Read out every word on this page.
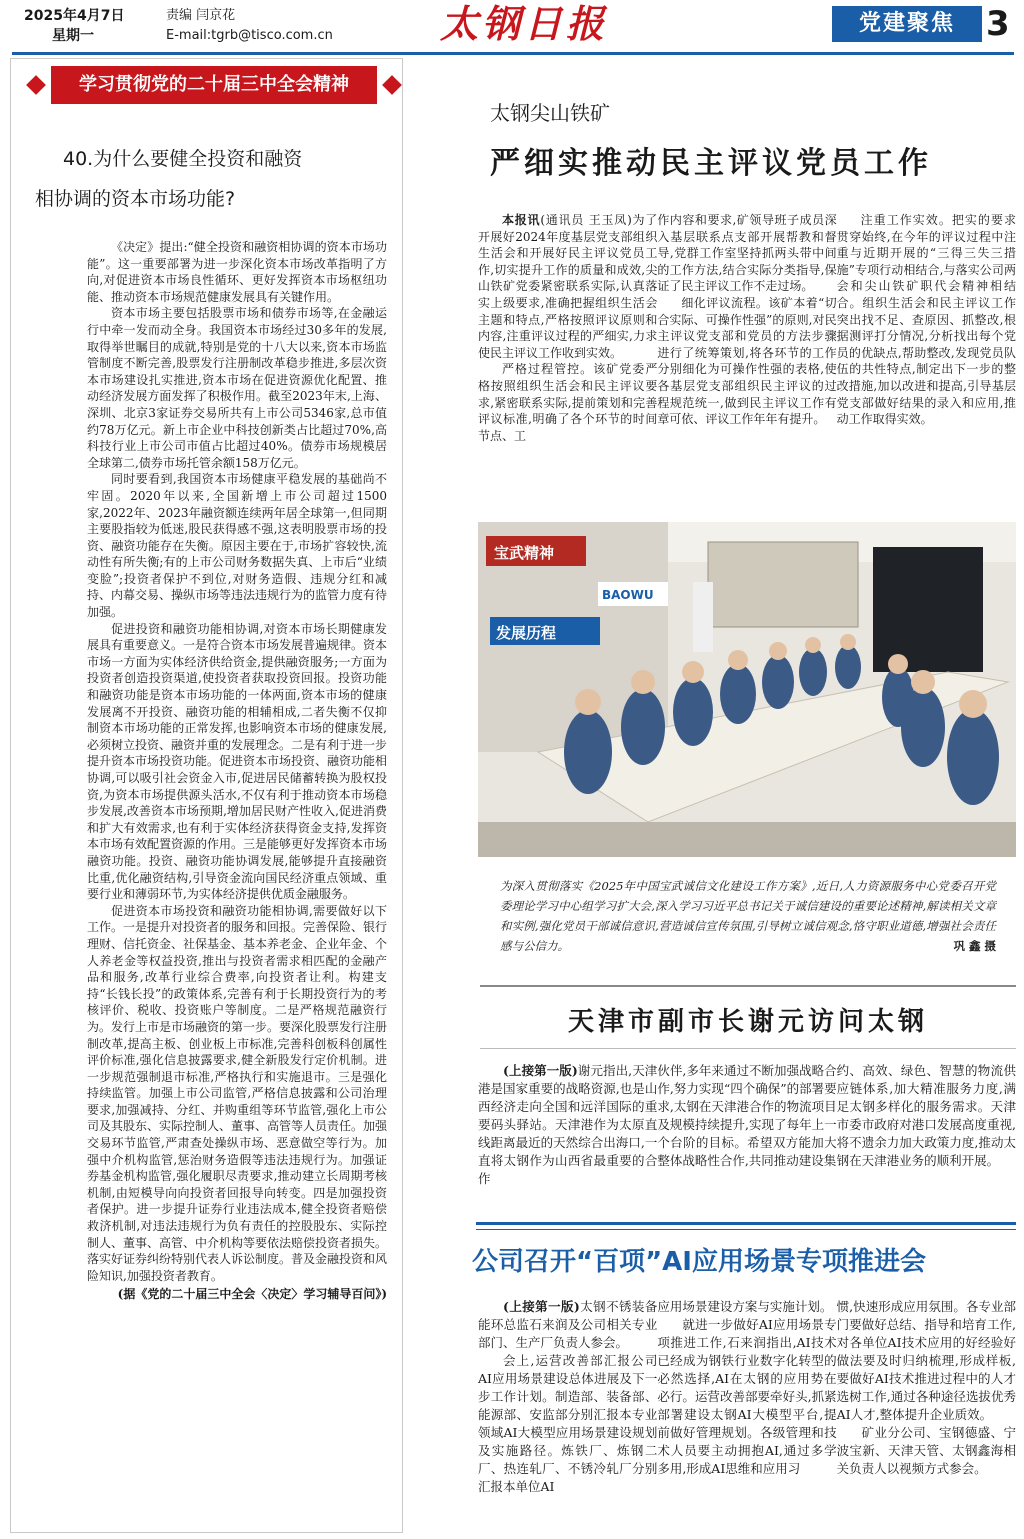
2025年4月7日
星期一
责编 闫京花
E-mail:tgrb@tisco.com.cn	太钢日报	党建聚焦 3
学习贯彻党的二十届三中全会精神
40.为什么要健全投资和融资
相协调的资本市场功能?

《决定》提出:“健全投资和融资相协调的资本市场功能”。这一重要部署为进一步深化资本市场改革指明了方向,对促进资本市场良性循环、更好发挥资本市场枢纽功能、推动资本市场规范健康发展具有关键作用。

资本市场主要包括股票市场和债券市场等,在金融运行中牵一发而动全身。我国资本市场经过30多年的发展,取得举世瞩目的成就,特别是党的十八大以来,资本市场监管制度不断完善,股票发行注册制改革稳步推进,多层次资本市场建设扎实推进,资本市场在促进资源优化配置、推动经济发展方面发挥了积极作用。截至2023年末,上海、深圳、北京3家证券交易所共有上市公司5346家,总市值约78万亿元。新上市企业中科技创新类占比超过70%,高科技行业上市公司市值占比超过40%。债券市场规模居全球第二,债券市场托管余额158万亿元。

同时要看到,我国资本市场健康平稳发展的基础尚不牢固。2020年以来,全国新增上市公司超过1500家,2022年、2023年融资额连续两年居全球第一,但同期主要股指较为低迷,股民获得感不强,这表明股票市场的投资、融资功能存在失衡。原因主要在于,市场扩容较快,流动性有所失衡;有的上市公司财务数据失真、上市后“业绩变脸”;投资者保护不到位,对财务造假、违规分红和减持、内幕交易、操纵市场等违法违规行为的监管力度有待加强。

促进投资和融资功能相协调,对资本市场长期健康发展具有重要意义。一是符合资本市场发展普遍规律。资本市场一方面为实体经济供给资金,提供融资服务;一方面为投资者创造投资渠道,使投资者获取投资回报。投资功能和融资功能是资本市场功能的一体两面,资本市场的健康发展离不开投资、融资功能的相辅相成,二者失衡不仅抑制资本市场功能的正常发挥,也影响资本市场的健康发展,必须树立投资、融资并重的发展理念。二是有利于进一步提升资本市场投资功能。促进资本市场投资、融资功能相协调,可以吸引社会资金入市,促进居民储蓄转换为股权投资,为资本市场提供源头活水,不仅有利于推动资本市场稳步发展,改善资本市场预期,增加居民财产性收入,促进消费和扩大有效需求,也有利于实体经济获得资金支持,发挥资本市场有效配置资源的作用。三是能够更好发挥资本市场融资功能。投资、融资功能协调发展,能够提升直接融资比重,优化融资结构,引导资金流向国民经济重点领域、重要行业和薄弱环节,为实体经济提供优质金融服务。

促进资本市场投资和融资功能相协调,需要做好以下工作。一是提升对投资者的服务和回报。完善保险、银行理财、信托资金、社保基金、基本养老金、企业年金、个人养老金等权益投资,推出与投资者需求相匹配的金融产品和服务,改革行业综合费率,向投资者让利。构建支持“长钱长投”的政策体系,完善有利于长期投资行为的考核评价、税收、投资账户等制度。二是严格规范融资行为。发行上市是市场融资的第一步。要深化股票发行注册制改革,提高主板、创业板上市标准,完善科创板科创属性评价标准,强化信息披露要求,健全新股发行定价机制。进一步规范强制退市标准,严格执行和实施退市。三是强化持续监管。加强上市公司监管,严格信息披露和公司治理要求,加强减持、分红、并购重组等环节监管,强化上市公司及其股东、实际控制人、董事、高管等人员责任。加强交易环节监管,严肃查处操纵市场、恶意做空等行为。加强中介机构监管,惩治财务造假等违法违规行为。加强证券基金机构监管,强化履职尽责要求,推动建立长周期考核机制,由短模导向向投资者回报导向转变。四是加强投资者保护。进一步提升证券行业违法成本,健全投资者赔偿救济机制,对违法违规行为负有责任的控股股东、实际控制人、董事、高管、中介机构等要依法赔偿投资者损失。落实好证券纠纷特别代表人诉讼制度。普及金融投资和风险知识,加强投资者教育。

(据《党的二十届三中全会〈决定〉学习辅导百问》)

太钢尖山铁矿
严细实推动民主评议党员工作

本报讯(通讯员 王玉凤)为了开展好2024年度基层党支部组织生活会和开展好民主评议党员工作,切实提升工作的质量和成效,尖山铁矿党委紧密联系实际,认真落实上级要求,准确把握组织生活会主题和特点,严格按照评议原则和内容,注重评议过程的严细实,力求使民主评议工作收到实效。

严格过程管控。该矿党委严格按照组织生活会和民主评议要求,紧密联系实际,提前策划和完善评议标准,明确了各个环节的时间节点、工

作内容和要求,矿领导班子成员深入基层联系点支部开展帮教和督导,党群工作室坚持抓两头带中间的工作方法,结合实际分类指导,保证了民主评议工作不走过场。

细化评议流程。该矿本着“切合实际、可操作性强”的原则,对民主评议党支部和党员的方法步骤进行了统筹策划,将各环节的工作分别细化为可操作性强的表格,使各基层党支部组织民主评议的过程规范统一,做到民主评议工作有章可依、评议工作年年有提升。

注重工作实效。把实的要求贯穿始终,在今年的评议过程中注重与近期开展的“三得三失三措施”专项行动相结合,与落实公司两会和尖山铁矿职代会精神相结合。组织生活会和民主评议工作突出找不足、查原因、抓整改,根据测评打分情况,分析找出每个党员的优缺点,帮助整改,发现党员队伍的共性特点,制定出下一步的整改措施,加以改进和提高,引导基层党支部做好结果的录入和应用,推动工作取得实效。

宝武精神
发展历程
BAOWU
为深入贯彻落实《2025年中国宝武诚信文化建设工作方案》,近日,人力资源服务中心党委召开党委理论学习中心组学习扩大会,深入学习习近平总书记关于诚信建设的重要论述精神,解读相关文章和实例,强化党员干部诚信意识,营造诚信宣传氛围,引导树立诚信观念,恪守职业道德,增强社会责任感与公信力。	巩 鑫 摄
天津市副市长谢元访问太钢

(上接第一版)谢元指出,天津港是国家重要的战略资源,也是山西经济走向全国和远洋国际的重要码头驿站。天津港作为太原直线距离最近的天然综合出海口,一直将太钢作为山西省最重要的合作

伙伴,多年来通过不断加强战略合作,努力实现“四个确保”的部署要求,太钢在天津港合作的物流项目及规模持续提升,实现了每年上一个台阶的目标。希望双方能加大整体战略性合作,共同推动建设集

约、高效、绿色、智慧的物流供应链体系,加大精准服务力度,满足太钢多样化的服务需求。天津市委市政府对港口发展高度重视,将不遗余力加大政策力度,推动太钢在天津港业务的顺利开展。

公司召开“百项”AI应用场景专项推进会

(上接第一版)太钢不锈装备能环总监石来润及公司相关专业部门、生产厂负责人参会。

会上,运营改善部汇报公司AI应用场景建设总体进展及下一步工作计划。制造部、装备部、能源部、安监部分别汇报本专业领域AI大模型应用场景建设规划及实施路径。炼铁厂、炼钢二厂、热连轧厂、不锈冷轧厂分别汇报本单位AI

应用场景建设方案与实施计划。

就进一步做好AI应用场景专项推进工作,石来润指出,AI技术已经成为钢铁行业数字化转型的必然选择,AI在太钢的应用势在必行。运营改善部要牵好头,抓紧部署建设太钢AI大模型平台,提前做好管理规划。各级管理和技术人员要主动拥抱AI,通过多学多用,形成AI思维和应用习

惯,快速形成应用氛围。各专业部门要做好总结、指导和培育工作,对各单位AI技术应用的好经验好做法要及时归纳梳理,形成样板,要做好AI技术推进过程中的人才选树工作,通过各种途径选拔优秀AI人才,整体提升企业质效。

矿业分公司、宝钢德盛、宁波宝新、天津天管、太钢鑫海相关负责人以视频方式参会。
